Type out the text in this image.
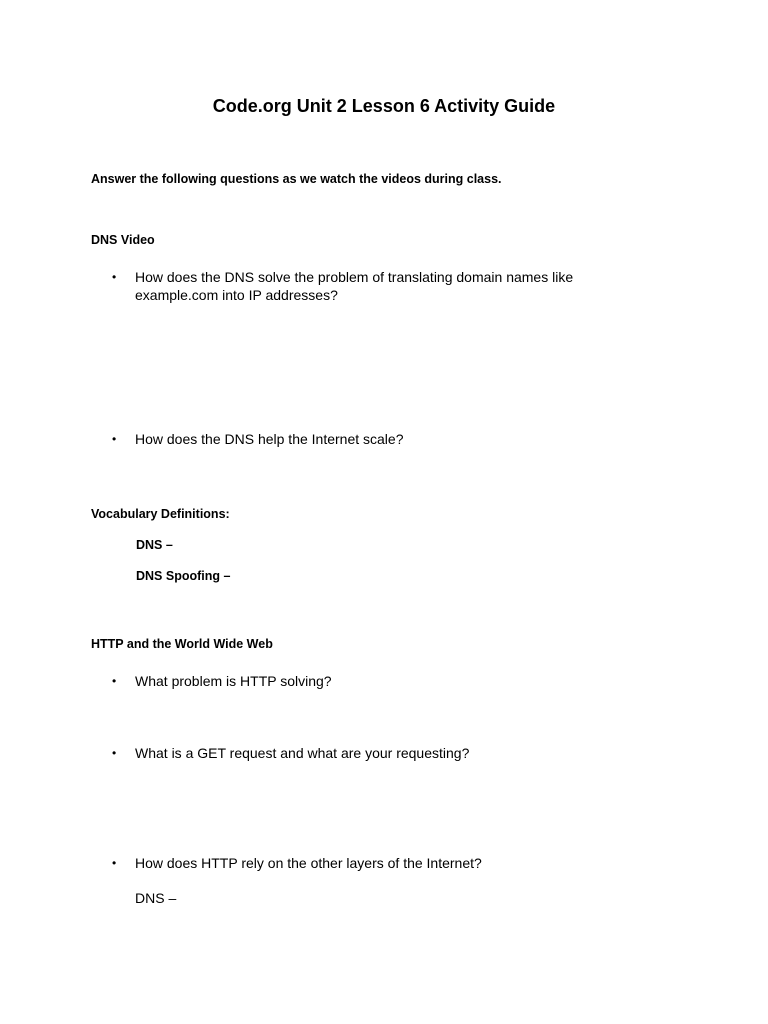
Code.org Unit 2 Lesson 6 Activity Guide
Answer the following questions as we watch the videos during class.
DNS Video
• How does the DNS solve the problem of translating domain names like example.com into IP addresses?
• How does the DNS help the Internet scale?
Vocabulary Definitions:
DNS –
DNS Spoofing –
HTTP and the World Wide Web
• What problem is HTTP solving?
• What is a GET request and what are your requesting?
• How does HTTP rely on the other layers of the Internet?
DNS –
